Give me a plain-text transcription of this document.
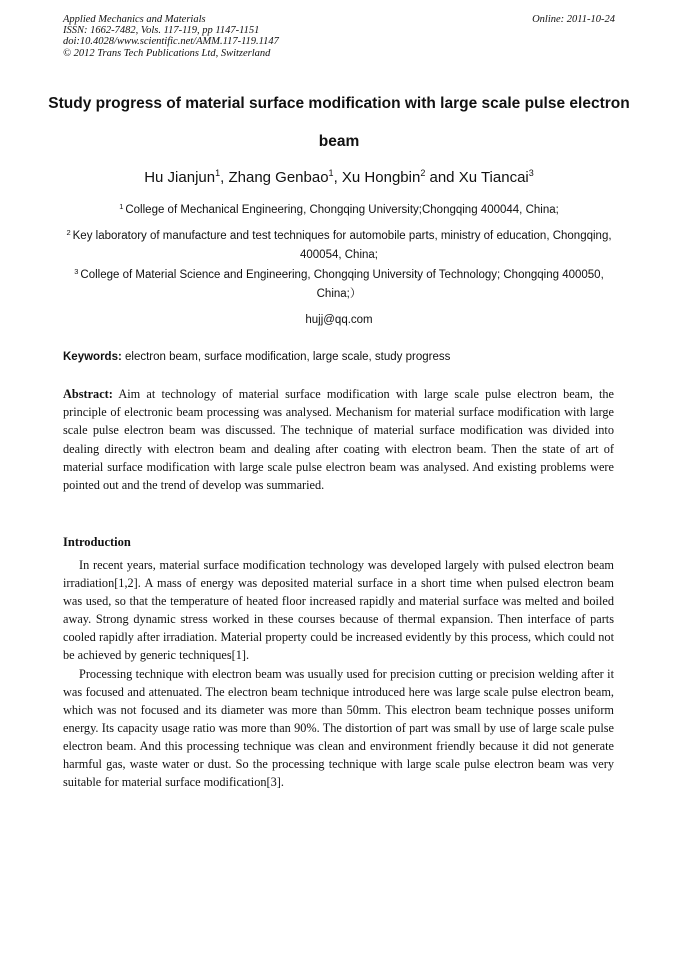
Applied Mechanics and Materials
ISSN: 1662-7482, Vols. 117-119, pp 1147-1151
doi:10.4028/www.scientific.net/AMM.117-119.1147
© 2012 Trans Tech Publications Ltd, Switzerland
Online: 2011-10-24
Study progress of material surface modification with large scale pulse electron beam
Hu Jianjun$^1$, Zhang Genbao$^1$, Xu Hongbin$^2$ and Xu Tiancai$^3$
$^1$ College of Mechanical Engineering, Chongqing University;Chongqing 400044, China;
$^2$ Key laboratory of manufacture and test techniques for automobile parts, ministry of education, Chongqing, 400054, China;
$^3$ College of Material Science and Engineering, Chongqing University of Technology; Chongqing 400050, China;）
hujj@qq.com
Keywords: electron beam, surface modification, large scale, study progress
Abstract: Aim at technology of material surface modification with large scale pulse electron beam, the principle of electronic beam processing was analysed. Mechanism for material surface modification with large scale pulse electron beam was discussed. The technique of material surface modification was divided into dealing directly with electron beam and dealing after coating with electron beam. Then the state of art of material surface modification with large scale pulse electron beam was analysed. And existing problems were pointed out and the trend of develop was summaried.
Introduction

In recent years, material surface modification technology was developed largely with pulsed electron beam irradiation[1,2]. A mass of energy was deposited material surface in a short time when pulsed electron beam was used, so that the temperature of heated floor increased rapidly and material surface was melted and boiled away. Strong dynamic stress worked in these courses because of thermal expansion. Then interface of parts cooled rapidly after irradiation. Material property could be increased evidently by this process, which could not be achieved by generic techniques[1].

Processing technique with electron beam was usually used for precision cutting or precision welding after it was focused and attenuated. The electron beam technique introduced here was large scale pulse electron beam, which was not focused and its diameter was more than 50mm. This electron beam technique posses uniform energy. Its capacity usage ratio was more than 90%. The distortion of part was small by use of large scale pulse electron beam. And this processing technique was clean and environment friendly because it did not generate harmful gas, waste water or dust. So the processing technique with large scale pulse electron beam was very suitable for material surface modification[3].
